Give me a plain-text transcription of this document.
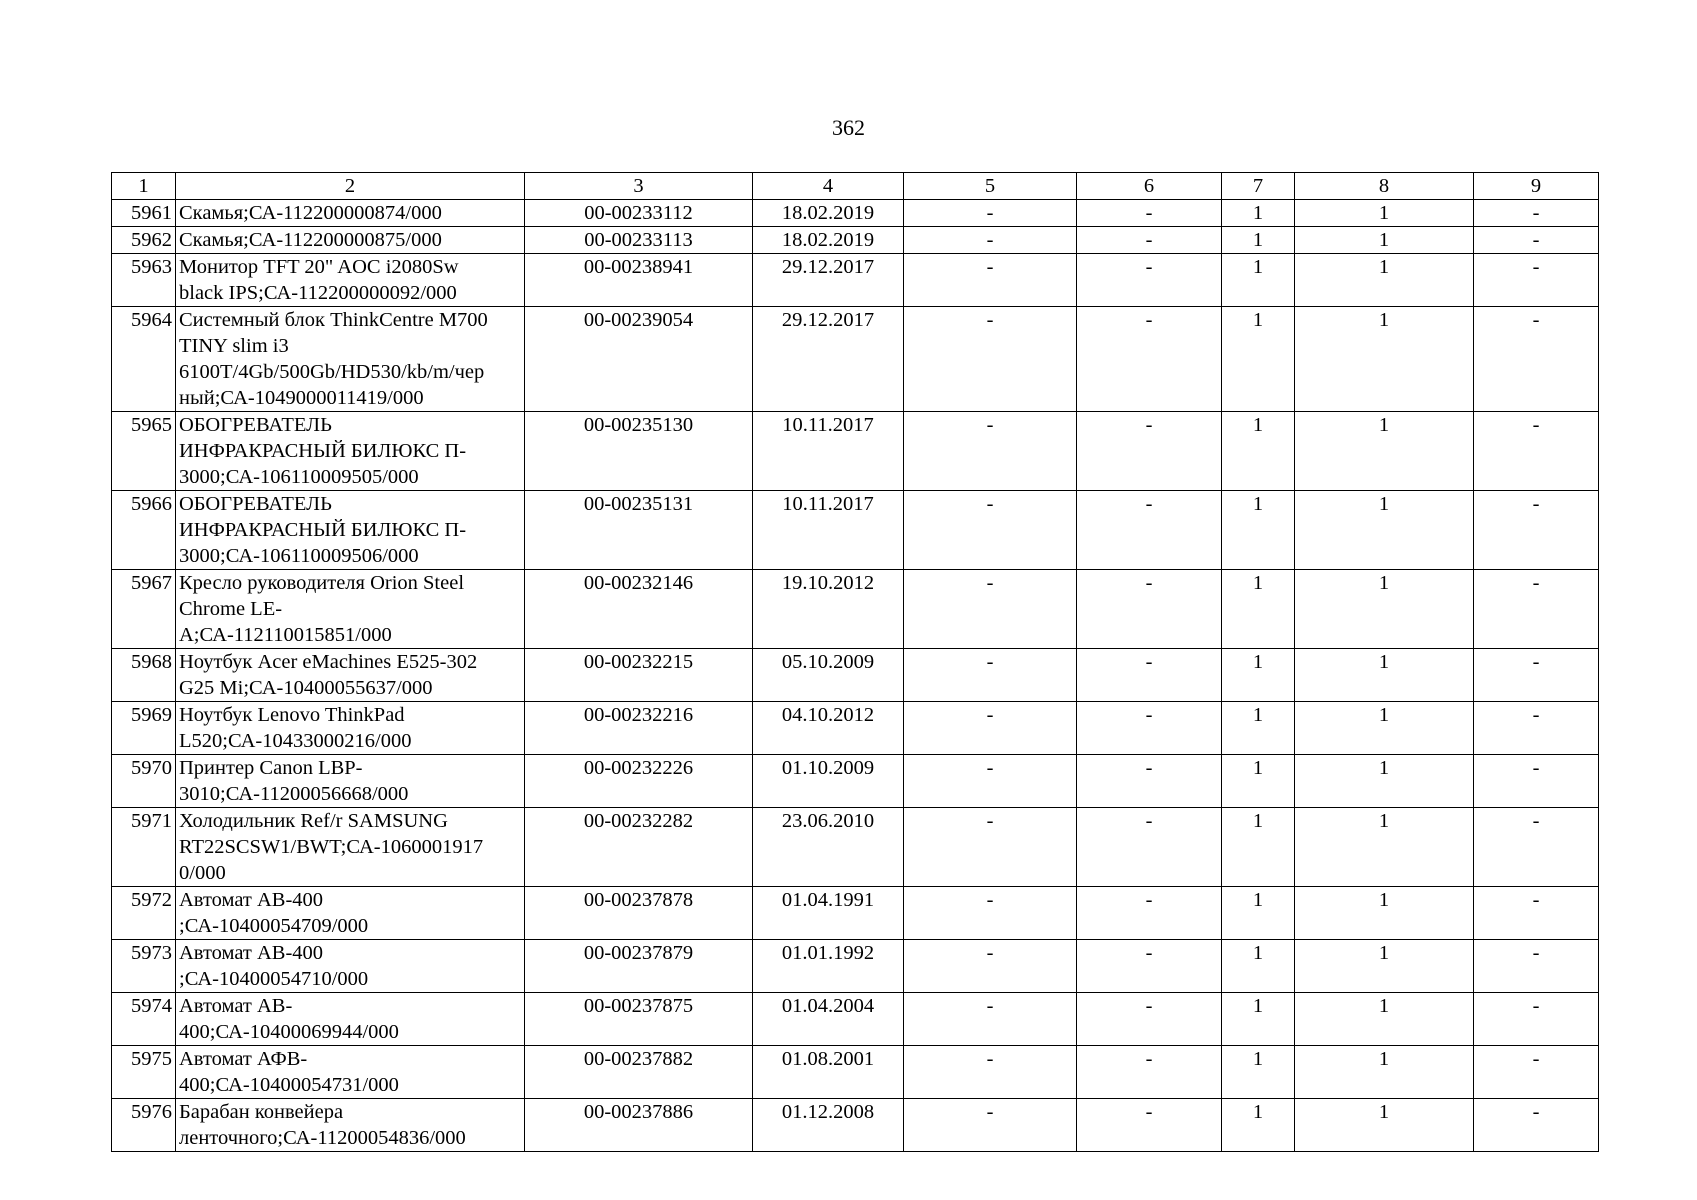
362
1	2	3	4	5	6	7	8	9
5961	Скамья;СА-112200000874/000	00-00233112	18.02.2019	-	-	1	1	-
5962	Скамья;СА-112200000875/000	00-00233113	18.02.2019	-	-	1	1	-
5963	Монитор TFT 20" AOC i2080Sw
black IPS;СА-112200000092/000	00-00238941	29.12.2017	-	-	1	1	-
5964	Системный блок ThinkCentre M700
TINY slim i3
6100T/4Gb/500Gb/HD530/kb/m/чер
ный;СА-1049000011419/000	00-00239054	29.12.2017	-	-	1	1	-
5965	ОБОГРЕВАТЕЛЬ
ИНФРАКРАСНЫЙ БИЛЮКС П-
3000;СА-106110009505/000	00-00235130	10.11.2017	-	-	1	1	-
5966	ОБОГРЕВАТЕЛЬ
ИНФРАКРАСНЫЙ БИЛЮКС П-
3000;СА-106110009506/000	00-00235131	10.11.2017	-	-	1	1	-
5967	Кресло руководителя Orion Steel
Chrome LE-
A;СА-112110015851/000	00-00232146	19.10.2012	-	-	1	1	-
5968	Ноутбук Acer eMachines E525-302
G25 Mi;СА-10400055637/000	00-00232215	05.10.2009	-	-	1	1	-
5969	Ноутбук Lenovo ThinkPad
L520;СА-10433000216/000	00-00232216	04.10.2012	-	-	1	1	-
5970	Принтер Canon LBP-
3010;СА-11200056668/000	00-00232226	01.10.2009	-	-	1	1	-
5971	Холодильник Ref/r SAMSUNG
RT22SCSW1/BWT;СА-1060001917
0/000	00-00232282	23.06.2010	-	-	1	1	-
5972	Автомат АВ-400
;СА-10400054709/000	00-00237878	01.04.1991	-	-	1	1	-
5973	Автомат АВ-400
;СА-10400054710/000	00-00237879	01.01.1992	-	-	1	1	-
5974	Автомат АВ-
400;СА-10400069944/000	00-00237875	01.04.2004	-	-	1	1	-
5975	Автомат АФВ-
400;СА-10400054731/000	00-00237882	01.08.2001	-	-	1	1	-
5976	Барабан конвейера
ленточного;СА-11200054836/000	00-00237886	01.12.2008	-	-	1	1	-
